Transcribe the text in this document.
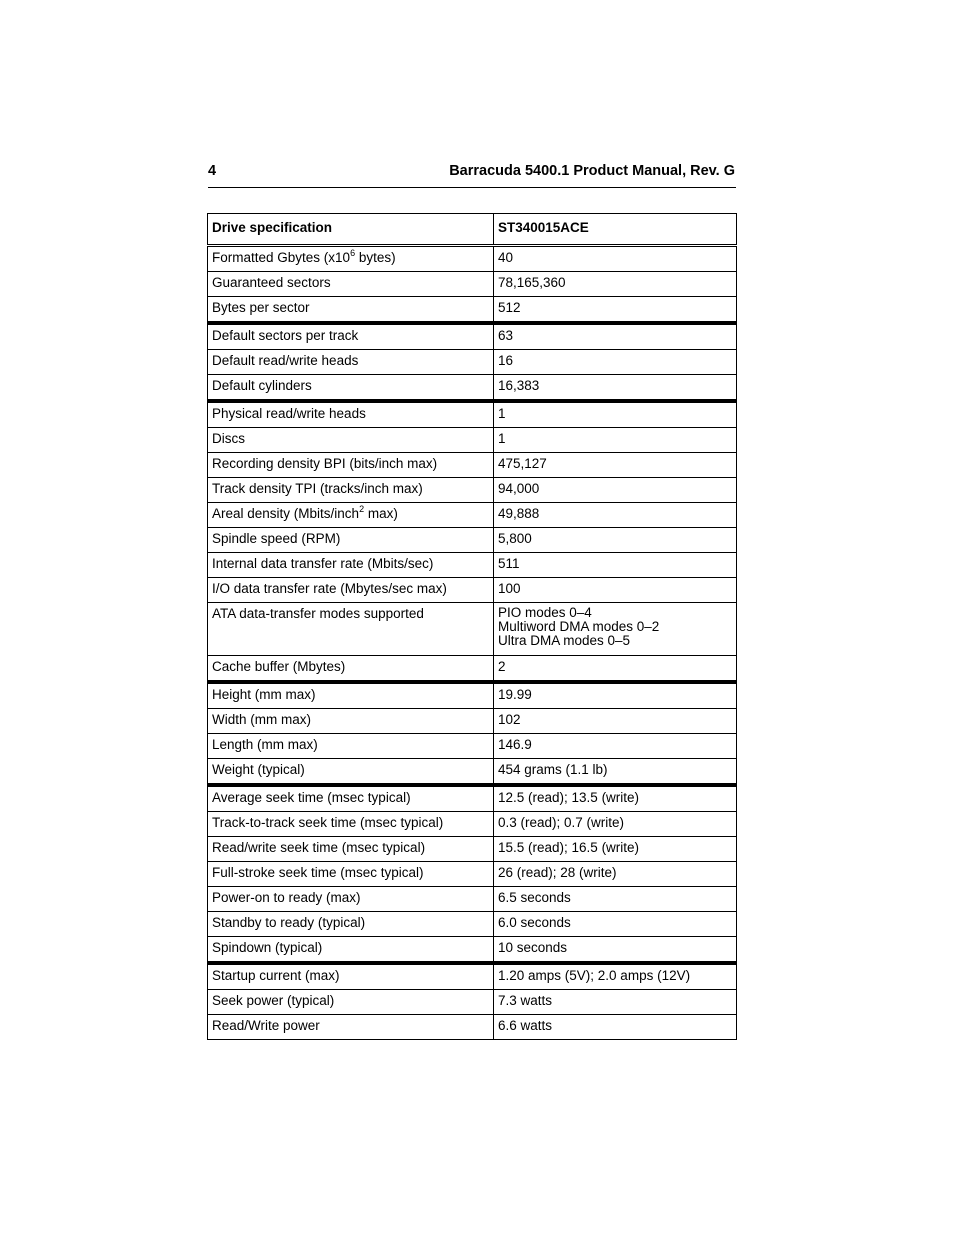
4	Barracuda 5400.1 Product Manual, Rev. G
Drive specification	ST340015ACE
Formatted Gbytes ($x10^6$ bytes)	40
Guaranteed sectors	78,165,360
Bytes per sector	512
Default sectors per track	63
Default read/write heads	16
Default cylinders	16,383
Physical read/write heads	1
Discs	1
Recording density BPI (bits/inch max)	475,127
Track density TPI (tracks/inch max)	94,000
Areal density (Mbits/inch$^2$ max)	49,888
Spindle speed (RPM)	5,800
Internal data transfer rate (Mbits/sec)	511
I/O data transfer rate (Mbytes/sec max)	100
ATA data-transfer modes supported	PIO modes 0–4
Multiword DMA modes 0–2
Ultra DMA modes 0–5

Cache buffer (Mbytes)	2
Height (mm max)	19.99
Width (mm max)	102
Length (mm max)	146.9
Weight (typical)	454 grams (1.1 lb)
Average seek time (msec typical)	12.5 (read); 13.5 (write)
Track-to-track seek time (msec typical)	0.3 (read); 0.7 (write)
Read/write seek time (msec typical)	15.5 (read); 16.5 (write)
Full-stroke seek time (msec typical)	26 (read); 28 (write)
Power-on to ready (max)	6.5 seconds
Standby to ready (typical)	6.0 seconds
Spindown (typical)	10 seconds
Startup current (max)	1.20 amps (5V); 2.0 amps (12V)
Seek power (typical)	7.3 watts
Read/Write power	6.6 watts
